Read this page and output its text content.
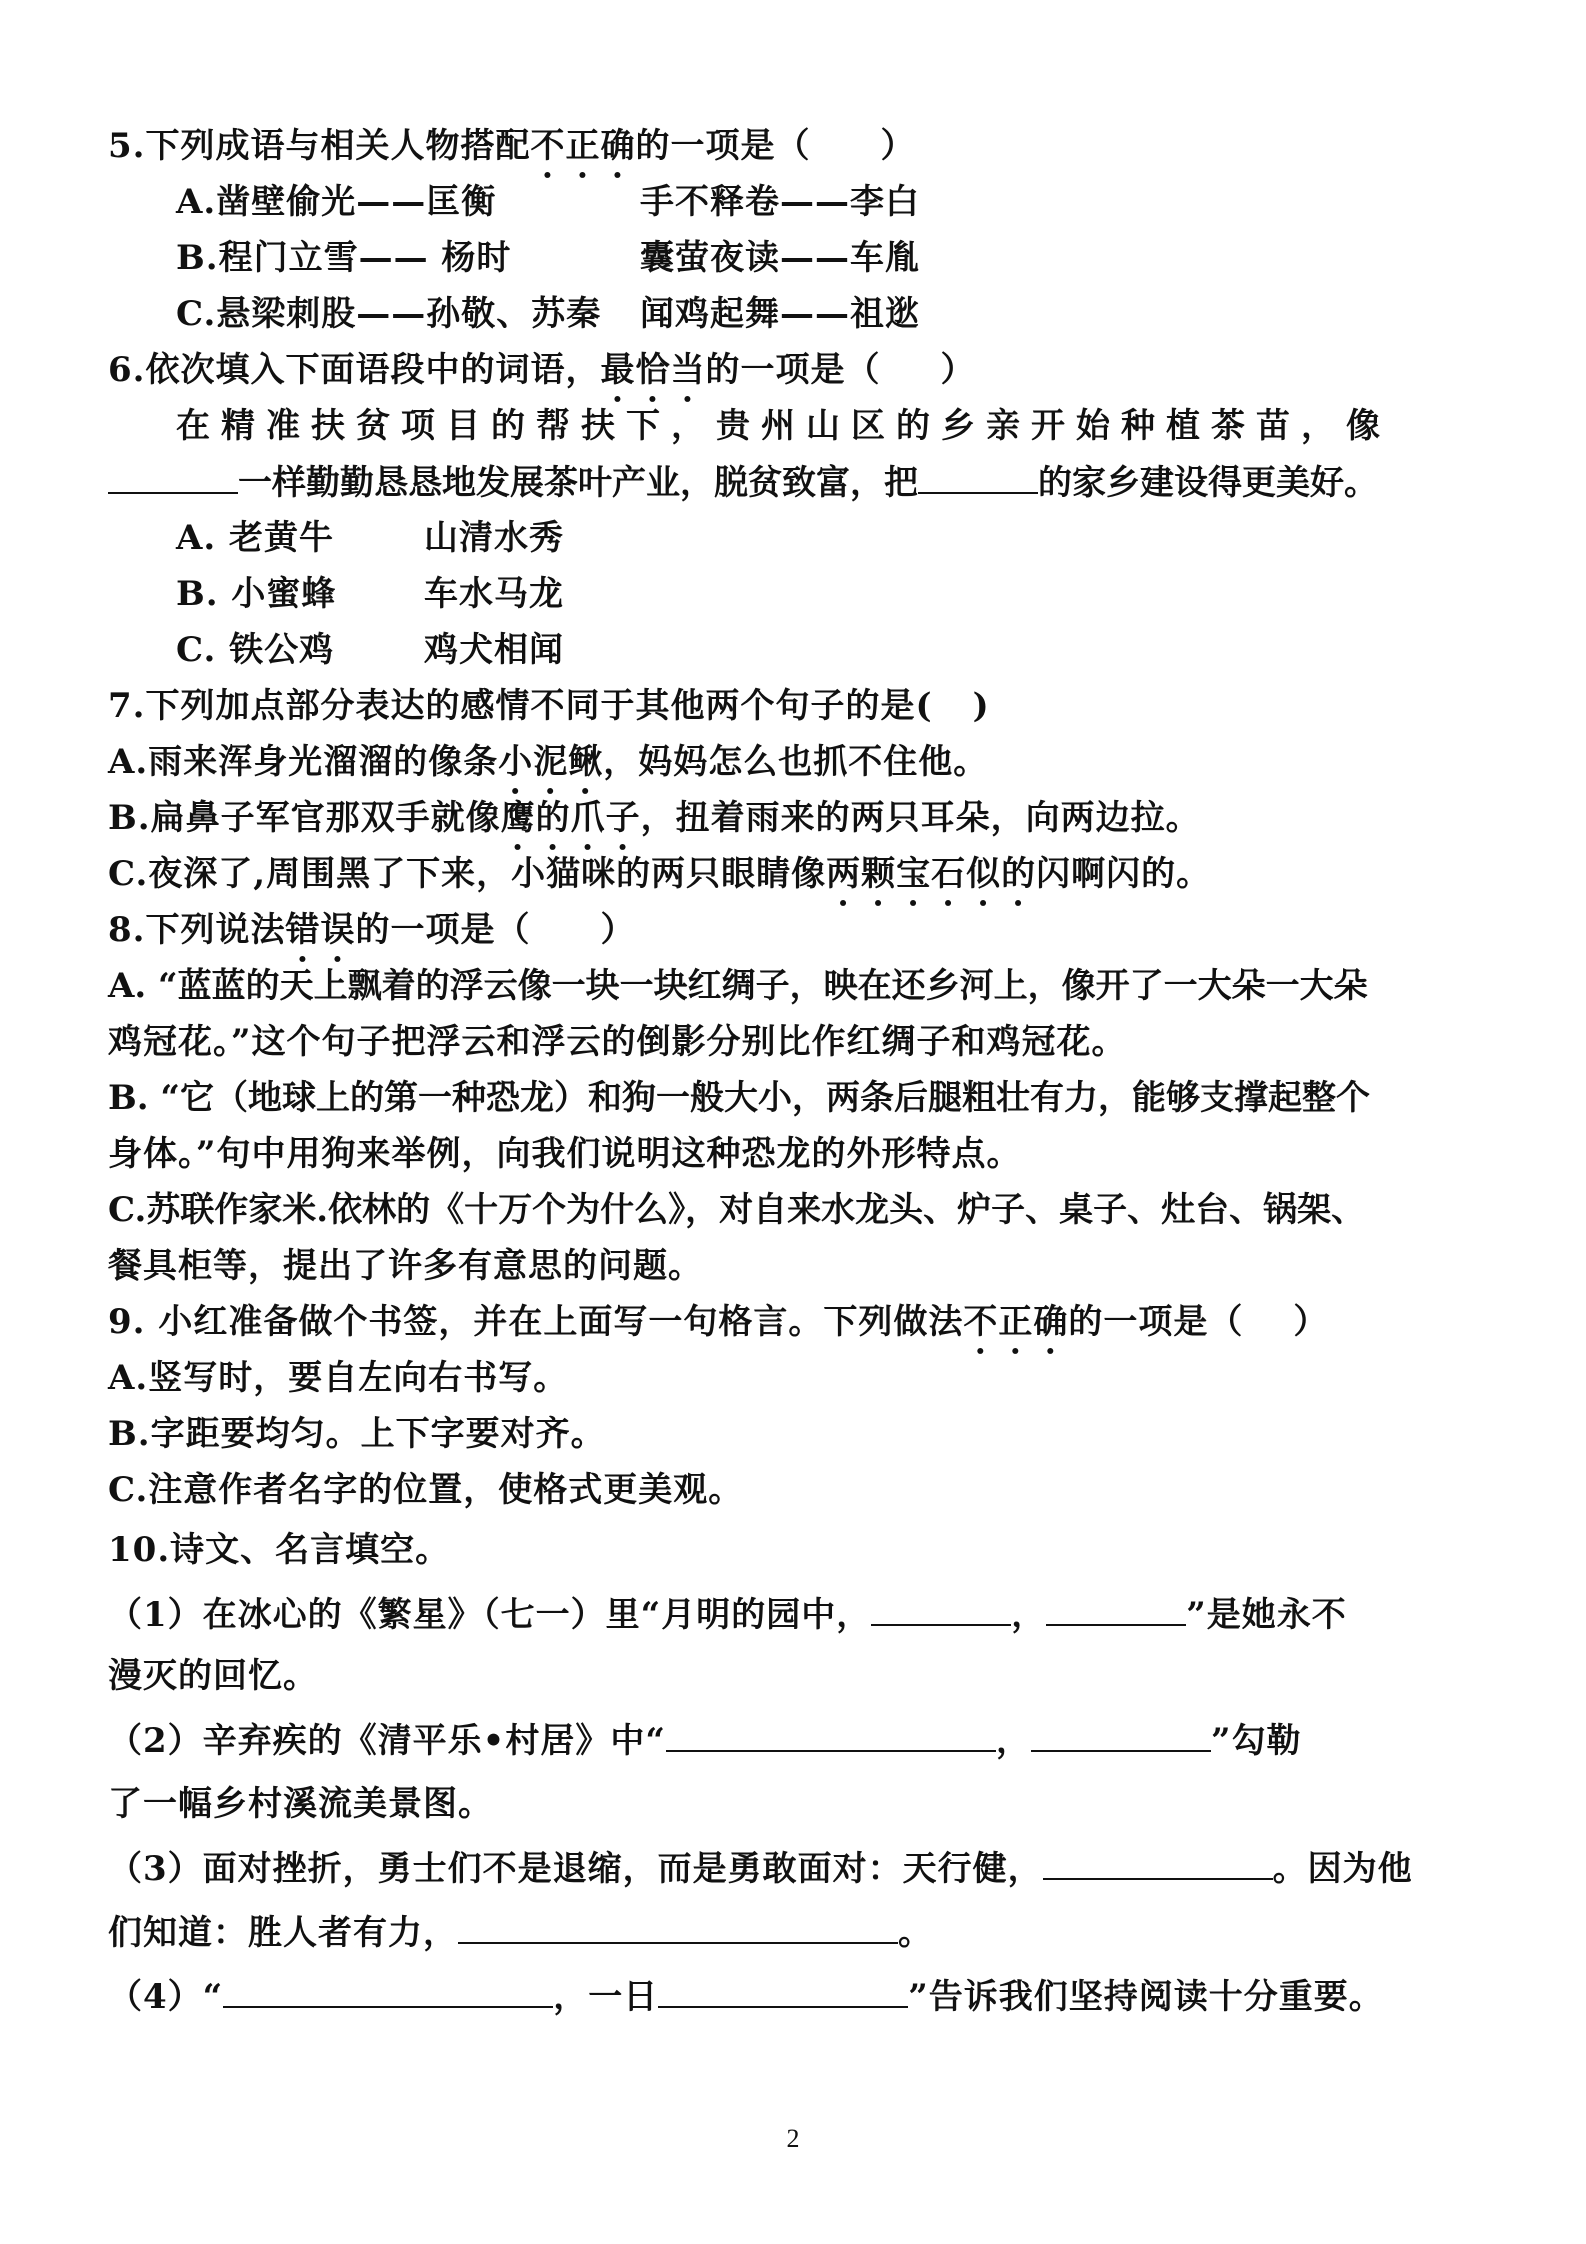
5.下列成语与相关人物搭配不正确的一项是（ ）
A.凿壁偷光——匡衡	手不释卷——李白
B.程门立雪—— 杨时	囊萤夜读——车胤
C.悬梁刺股——孙敬、苏秦 闻鸡起舞——祖逖
6.依次填入下面语段中的词语，最恰当的一项是（ ）
在精准扶贫项目的帮扶下，贵州山区的乡亲开始种植茶苗，像
一样勤勤恳恳地发展茶叶产业，脱贫致富，把	的家乡建设得更美好。
A. 老黄牛	山清水秀
B. 小蜜蜂	车水马龙
C. 铁公鸡	鸡犬相闻
7.下列加点部分表达的感情不同于其他两个句子的是( )
A.雨来浑身光溜溜的像条小泥鳅，妈妈怎么也抓不住他。
B.扁鼻子军官那双手就像鹰的爪子，扭着雨来的两只耳朵，向两边拉。
C.夜深了,周围黑了下来，小猫咪的两只眼睛像两颗宝石似的闪啊闪的。
8.下列说法错误的一项是（ ）
A. “蓝蓝的天上飘着的浮云像一块一块红绸子，映在还乡河上，像开了一大朵一大朵
鸡冠花。”这个句子把浮云和浮云的倒影分别比作红绸子和鸡冠花。
B. “它（地球上的第一种恐龙）和狗一般大小，两条后腿粗壮有力，能够支撑起整个
身体。”句中用狗来举例，向我们说明这种恐龙的外形特点。
C.苏联作家米.依林的《十万个为什么》，对自来水龙头、炉子、桌子、灶台、锅架、
餐具柜等，提出了许多有意思的问题。
9. 小红准备做个书签，并在上面写一句格言。下列做法不正确的一项是（ ）
A.竖写时，要自左向右书写。
B.字距要均匀。上下字要对齐。
C.注意作者名字的位置，使格式更美观。
10.诗文、名言填空。
（1）在冰心的《繁星》（七一）里“月明的园中，	，	”是她永不
漫灭的回忆。
（2）辛弃疾的《清平乐•村居》中“	，	”勾勒
了一幅乡村溪流美景图。
（3）面对挫折，勇士们不是退缩，而是勇敢面对：天行健，	。因为他
们知道：胜人者有力，	。
（4）“	，一日	”告诉我们坚持阅读十分重要。
2
